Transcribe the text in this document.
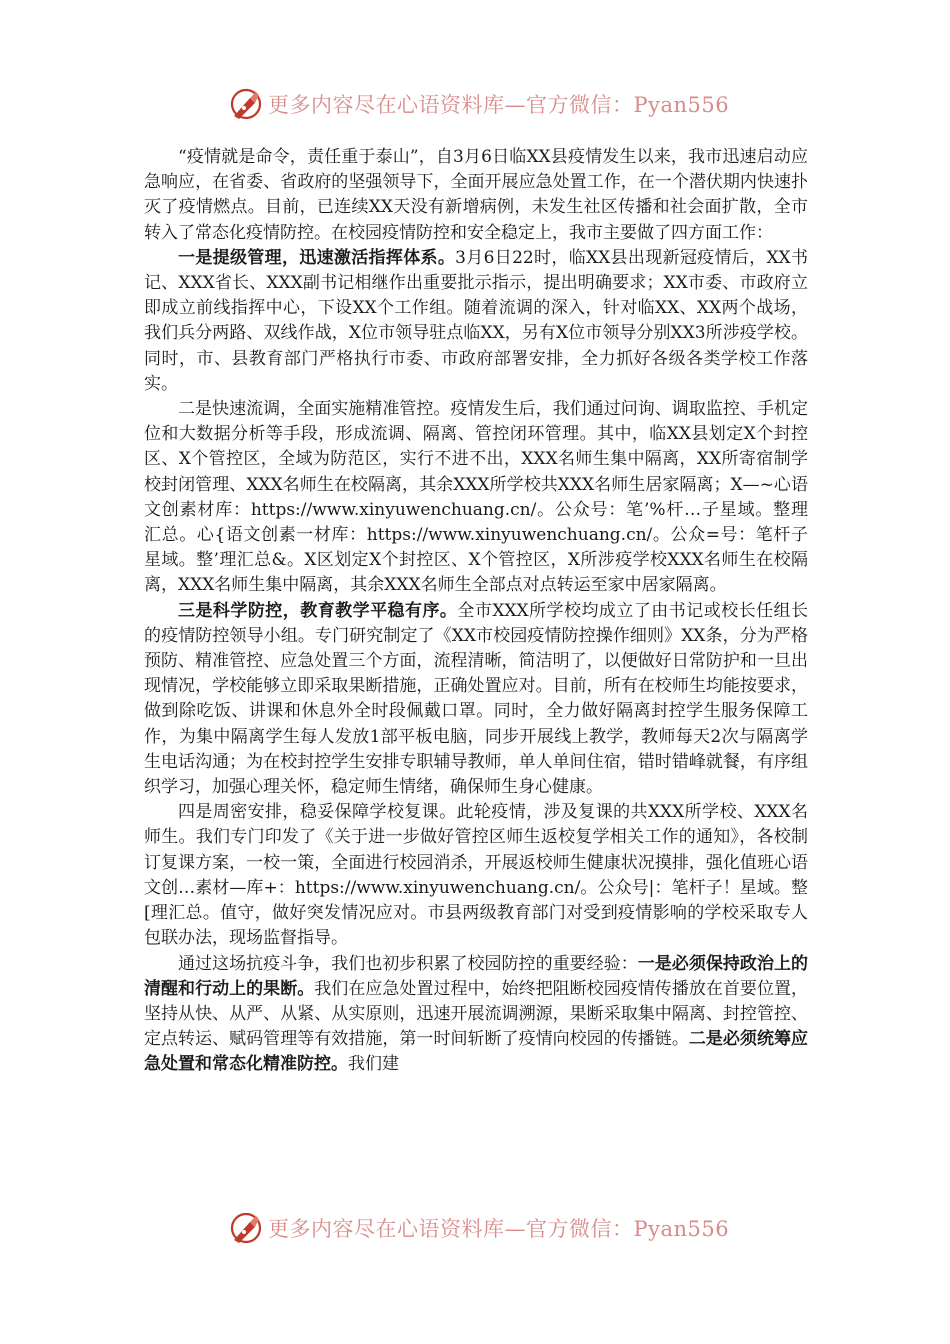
更多内容尽在心语资料库—官方微信：Pyan556

“疫情就是命令，责任重于泰山”，自3月6日临XX县疫情发生以来，我市迅速启动应急响应，在省委、省政府的坚强领导下，全面开展应急处置工作，在一个潜伏期内快速扑灭了疫情燃点。目前，已连续XX天没有新增病例，未发生社区传播和社会面扩散，全市转入了常态化疫情防控。在校园疫情防控和安全稳定上，我市主要做了四方面工作：

一是提级管理，迅速激活指挥体系。3月6日22时，临XX县出现新冠疫情后，XX书记、XXX省长、XXX副书记相继作出重要批示指示，提出明确要求；XX市委、市政府立即成立前线指挥中心，下设XX个工作组。随着流调的深入，针对临XX、XX两个战场，我们兵分两路、双线作战，X位市领导驻点临XX，另有X位市领导分别XX3所涉疫学校。同时，市、县教育部门严格执行市委、市政府部署安排，全力抓好各级各类学校工作落实。

二是快速流调，全面实施精准管控。疫情发生后，我们通过问询、调取监控、手机定位和大数据分析等手段，形成流调、隔离、管控闭环管理。其中，临XX县划定X个封控区、X个管控区，全域为防范区，实行不进不出，XXX名师生集中隔离，XX所寄宿制学校封闭管理、XXX名师生在校隔离，其余XXX所学校共XXX名师生居家隔离；X—~心语文创素材库：https://www.xinyuwenchuang.cn/。公众号：笔’%杆…子星域。整理汇总。心{语文创素一材库：https://www.xinyuwenchuang.cn/。公众=号：笔杆子星域。整’理汇总&。X区划定X个封控区、X个管控区，X所涉疫学校XXX名师生在校隔离，XXX名师生集中隔离，其余XXX名师生全部点对点转运至家中居家隔离。

三是科学防控，教育教学平稳有序。全市XXX所学校均成立了由书记或校长任组长的疫情防控领导小组。专门研究制定了《XX市校园疫情防控操作细则》XX条，分为严格预防、精准管控、应急处置三个方面，流程清晰，简洁明了，以便做好日常防护和一旦出现情况，学校能够立即采取果断措施，正确处置应对。目前，所有在校师生均能按要求，做到除吃饭、讲课和休息外全时段佩戴口罩。同时，全力做好隔离封控学生服务保障工作，为集中隔离学生每人发放1部平板电脑，同步开展线上教学，教师每天2次与隔离学生电话沟通；为在校封控学生安排专职辅导教师，单人单间住宿，错时错峰就餐，有序组织学习，加强心理关怀，稳定师生情绪，确保师生身心健康。

四是周密安排，稳妥保障学校复课。此轮疫情，涉及复课的共XXX所学校、XXX名师生。我们专门印发了《关于进一步做好管控区师生返校复学相关工作的通知》，各校制订复课方案，一校一策，全面进行校园消杀，开展返校师生健康状况摸排，强化值班心语文创…素材—库+：https://www.xinyuwenchuang.cn/。公众号|：笔杆子！星域。整[理汇总。值守，做好突发情况应对。市县两级教育部门对受到疫情影响的学校采取专人包联办法，现场监督指导。

通过这场抗疫斗争，我们也初步积累了校园防控的重要经验：一是必须保持政治上的清醒和行动上的果断。我们在应急处置过程中，始终把阻断校园疫情传播放在首要位置，坚持从快、从严、从紧、从实原则，迅速开展流调溯源，果断采取集中隔离、封控管控、定点转运、赋码管理等有效措施，第一时间斩断了疫情向校园的传播链。二是必须统筹应急处置和常态化精准防控。我们建

更多内容尽在心语资料库—官方微信：Pyan556
